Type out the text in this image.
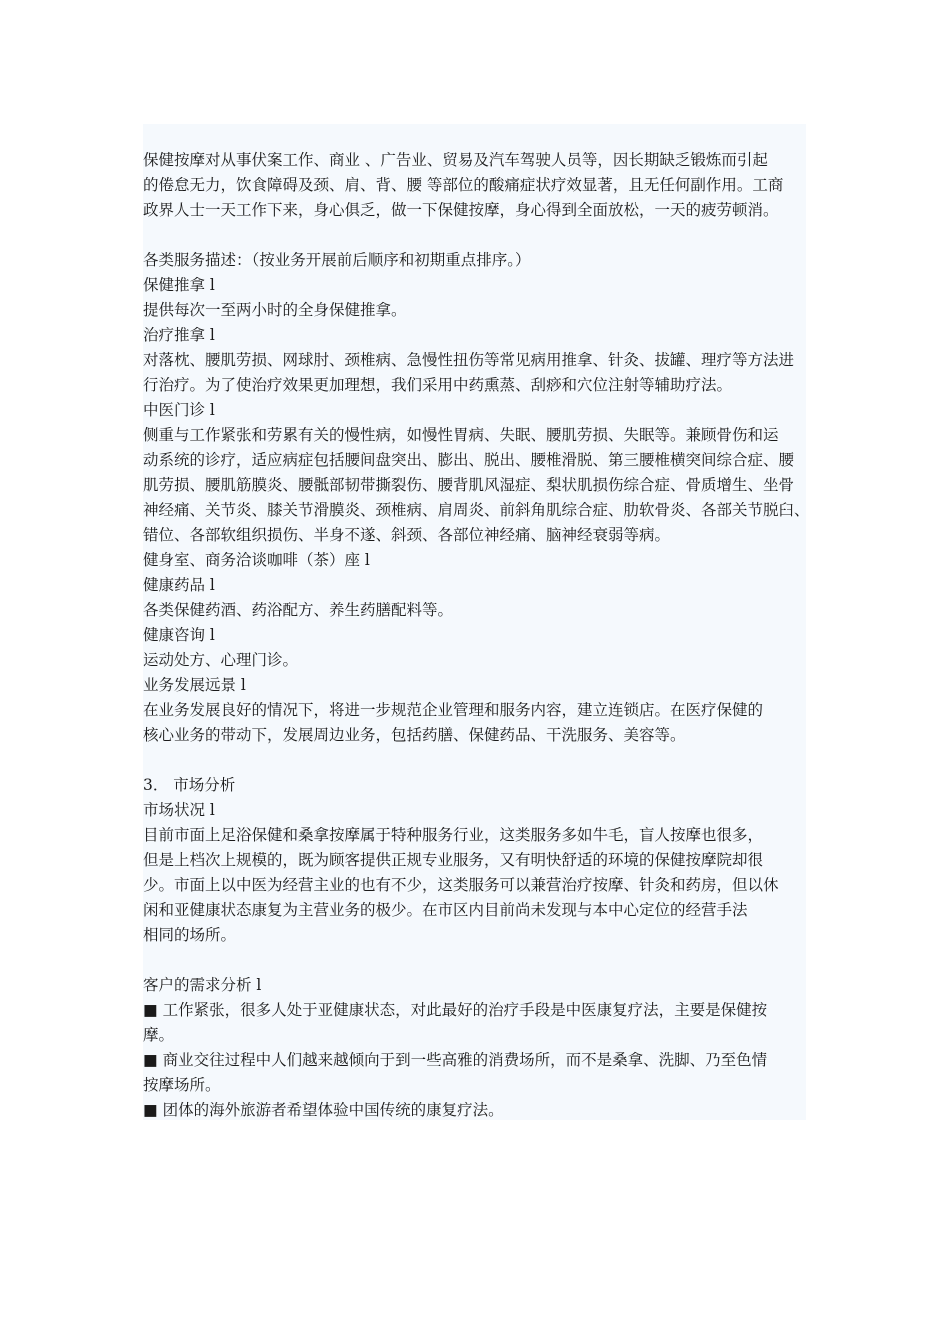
保健按摩对从事伏案工作、商业 、广告业、贸易及汽车驾驶人员等，因长期缺乏锻炼而引起
的倦怠无力，饮食障碍及颈、肩、背、腰 等部位的酸痛症状疗效显著，且无任何副作用。工商
政界人士一天工作下来，身心俱乏，做一下保健按摩，身心得到全面放松，一天的疲劳顿消。
各类服务描述：（按业务开展前后顺序和初期重点排序。）
保健推拿 l
提供每次一至两小时的全身保健推拿。
治疗推拿 l
对落枕、腰肌劳损、网球肘、颈椎病、急慢性扭伤等常见病用推拿、针灸、拔罐、理疗等方法进
行治疗。为了使治疗效果更加理想，我们采用中药熏蒸、刮痧和穴位注射等辅助疗法。
中医门诊 l
侧重与工作紧张和劳累有关的慢性病，如慢性胃病、失眠、腰肌劳损、失眠等。兼顾骨伤和运
动系统的诊疗，适应病症包括腰间盘突出、膨出、脱出、腰椎滑脱、第三腰椎横突间综合症、腰
肌劳损、腰肌筋膜炎、腰骶部韧带撕裂伤、腰背肌风湿症、梨状肌损伤综合症、骨质增生、坐骨
神经痛、关节炎、膝关节滑膜炎、颈椎病、肩周炎、前斜角肌综合症、肋软骨炎、各部关节脱臼、
错位、各部软组织损伤、半身不遂、斜颈、各部位神经痛、脑神经衰弱等病。
健身室、商务洽谈咖啡（茶）座 l
健康药品 l
各类保健药酒、药浴配方、养生药膳配料等。
健康咨询 l
运动处方、心理门诊。
业务发展远景 l
在业务发展良好的情况下，将进一步规范企业管理和服务内容，建立连锁店。在医疗保健的
核心业务的带动下，发展周边业务，包括药膳、保健药品、干洗服务、美容等。
3． 市场分析
市场状况 l
目前市面上足浴保健和桑拿按摩属于特种服务行业，这类服务多如牛毛，盲人按摩也很多，
但是上档次上规模的，既为顾客提供正规专业服务，又有明快舒适的环境的保健按摩院却很
少。市面上以中医为经营主业的也有不少，这类服务可以兼营治疗按摩、针灸和药房，但以休
闲和亚健康状态康复为主营业务的极少。在市区内目前尚未发现与本中心定位的经营手法
相同的场所。
客户的需求分析 l
■ 工作紧张，很多人处于亚健康状态，对此最好的治疗手段是中医康复疗法，主要是保健按
摩。
■ 商业交往过程中人们越来越倾向于到一些高雅的消费场所，而不是桑拿、洗脚、乃至色情
按摩场所。
■ 团体的海外旅游者希望体验中国传统的康复疗法。
